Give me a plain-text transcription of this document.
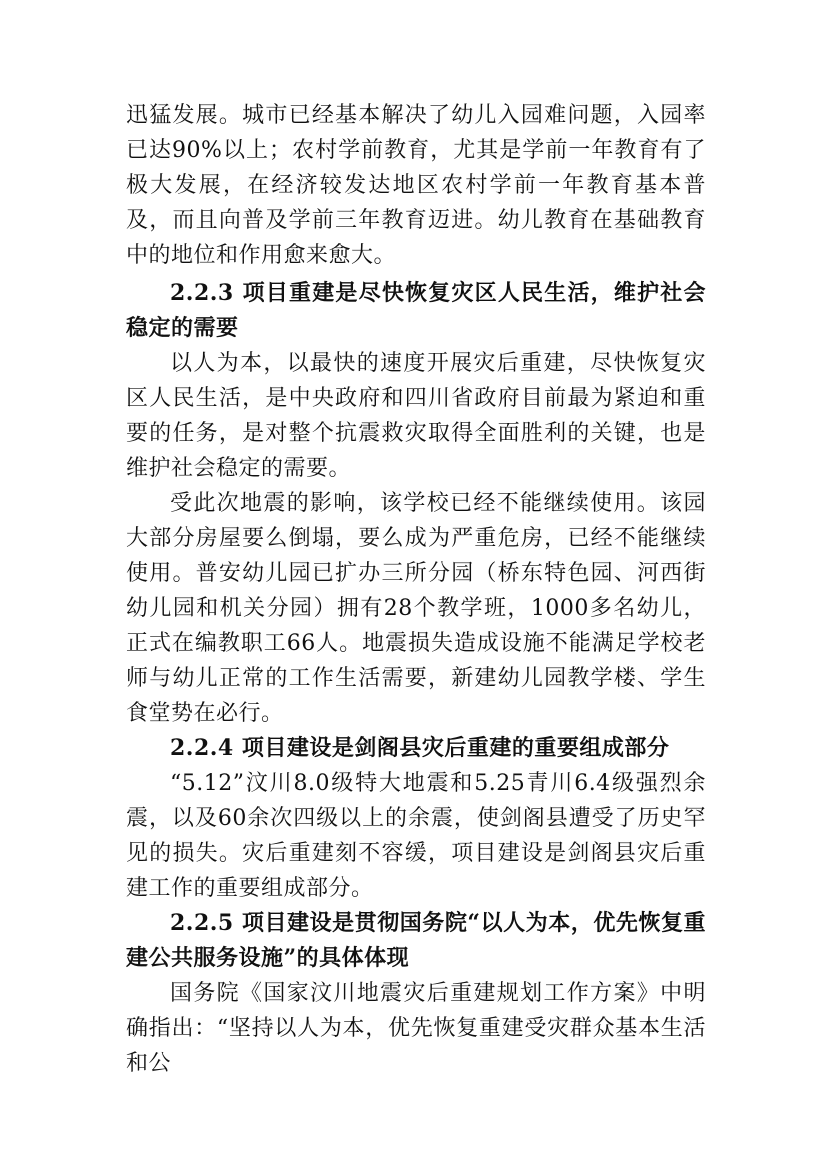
迅猛发展。城市已经基本解决了幼儿入园难问题，入园率已达90%以上；农村学前教育，尤其是学前一年教育有了极大发展，在经济较发达地区农村学前一年教育基本普及，而且向普及学前三年教育迈进。幼儿教育在基础教育中的地位和作用愈来愈大。

2.2.3 项目重建是尽快恢复灾区人民生活，维护社会稳定的需要

以人为本，以最快的速度开展灾后重建，尽快恢复灾区人民生活，是中央政府和四川省政府目前最为紧迫和重要的任务，是对整个抗震救灾取得全面胜利的关键，也是维护社会稳定的需要。

受此次地震的影响，该学校已经不能继续使用。该园大部分房屋要么倒塌，要么成为严重危房，已经不能继续使用。普安幼儿园已扩办三所分园（桥东特色园、河西街幼儿园和机关分园）拥有28个教学班，1000多名幼儿，正式在编教职工66人。地震损失造成设施不能满足学校老师与幼儿正常的工作生活需要，新建幼儿园教学楼、学生食堂势在必行。

2.2.4 项目建设是剑阁县灾后重建的重要组成部分

“5.12”汶川8.0级特大地震和5.25青川6.4级强烈余震，以及60余次四级以上的余震，使剑阁县遭受了历史罕见的损失。灾后重建刻不容缓，项目建设是剑阁县灾后重建工作的重要组成部分。

2.2.5 项目建设是贯彻国务院“以人为本，优先恢复重建公共服务设施”的具体体现

国务院《国家汶川地震灾后重建规划工作方案》中明确指出：“坚持以人为本，优先恢复重建受灾群众基本生活和公
